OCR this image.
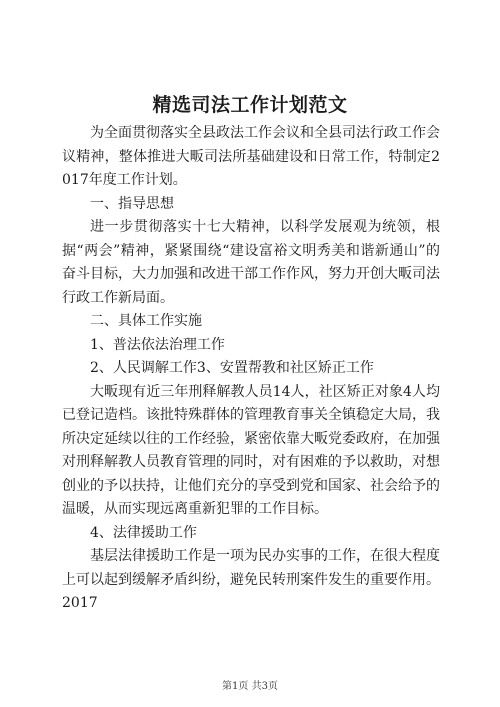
精选司法工作计划范文

为全面贯彻落实全县政法工作会议和全县司法行政工作会议精神，整体推进大畈司法所基础建设和日常工作，特制定2017年度工作计划。

一、指导思想

进一步贯彻落实十七大精神，以科学发展观为统领，根据“两会”精神，紧紧围绕“建设富裕文明秀美和谐新通山”的奋斗目标，大力加强和改进干部工作作风，努力开创大畈司法行政工作新局面。

二、具体工作实施

1、普法依法治理工作

2、人民调解工作3、安置帮教和社区矫正工作

大畈现有近三年刑释解教人员14人，社区矫正对象4人均已登记造档。该批特殊群体的管理教育事关全镇稳定大局，我所决定延续以往的工作经验，紧密依靠大畈党委政府，在加强对刑释解教人员教育管理的同时，对有困难的予以救助，对想创业的予以扶持，让他们充分的享受到党和国家、社会给予的温暖，从而实现远离重新犯罪的工作目标。

4、法律援助工作

基层法律援助工作是一项为民办实事的工作，在很大程度上可以起到缓解矛盾纠纷，避免民转刑案件发生的重要作用。2017

第1页 共3页
